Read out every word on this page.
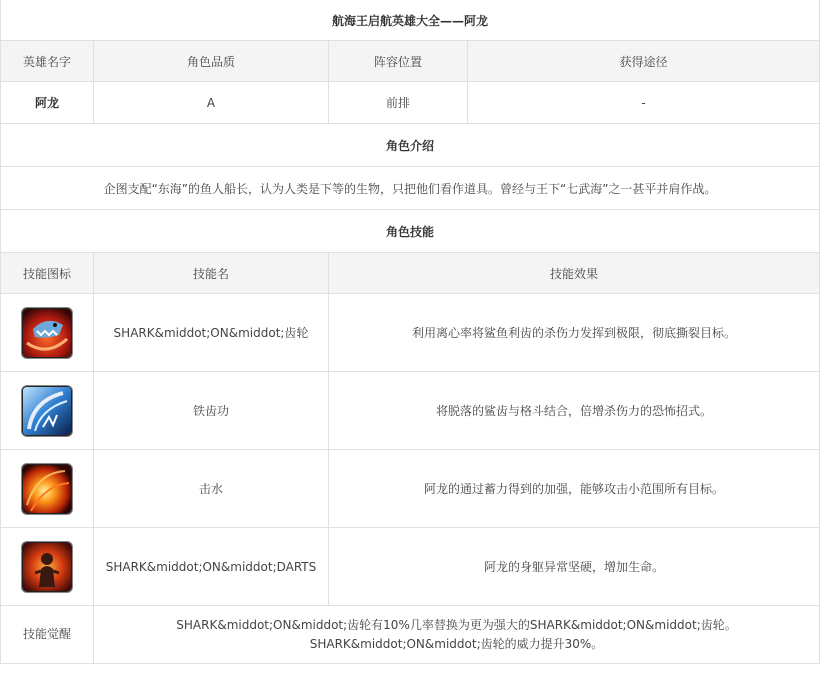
航海王启航英雄大全——阿龙			
英雄名字	角色品质	阵容位置	获得途径
阿龙	A	前排	-
角色介绍			
企图支配“东海”的鱼人船长，认为人类是下等的生物，只把他们看作道具。曾经与王下“七武海”之一甚平并肩作战。			
角色技能			
技能图标	技能名	技能效果	

	SHARK&middot;ON&middot;齿轮	利用离心率将鲨鱼利齿的杀伤力发挥到极限，彻底撕裂目标。	

	铁齿功	将脱落的鲨齿与格斗结合，倍增杀伤力的恐怖招式。	

	击水	阿龙的通过蓄力得到的加强，能够攻击小范围所有目标。	

	SHARK&middot;ON&middot;DARTS	阿龙的身躯异常坚硬，增加生命。	
技能觉醒	SHARK&middot;ON&middot;齿轮有10%几率替换为更为强大的SHARK&middot;ON&middot;齿轮。
SHARK&middot;ON&middot;齿轮的威力提升30%。		
